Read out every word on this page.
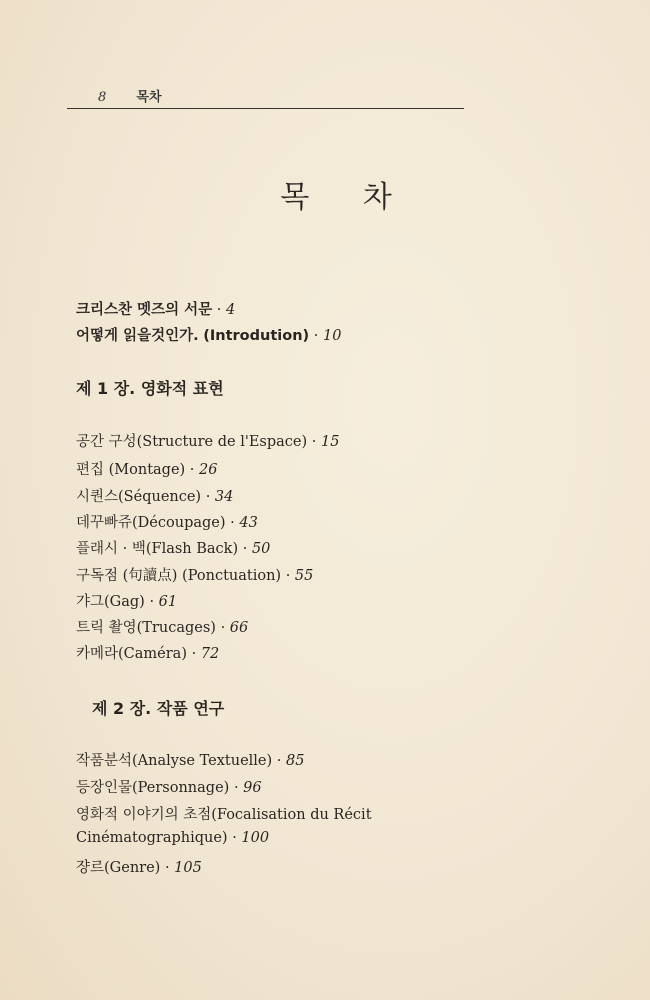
8 목차
목 차
크리스찬 멧즈의 서문 · 4
어떻게 읽을것인가. (Introdution) · 10
제 1 장. 영화적 표현
공간 구성(Structure de l'Espace) · 15
편집 (Montage) · 26
시퀀스(Séquence) · 34
데꾸빠쥬(Découpage) · 43
플래시 · 백(Flash Back) · 50
구독점 (句讀点) (Ponctuation) · 55
갸그(Gag) · 61
트릭 촬영(Trucages) · 66
카메라(Caméra) · 72
제 2 장. 작품 연구
작품분석(Analyse Textuelle) · 85
등장인물(Personnage) · 96
영화적 이야기의 초점(Focalisation du Récit
Cinématographique) · 100
쟝르(Genre) · 105
